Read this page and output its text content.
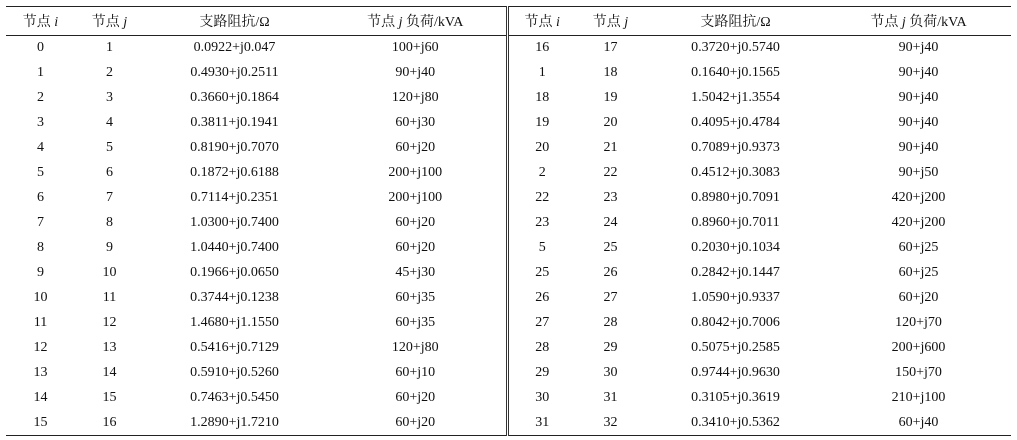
节点 i	节点 j	支路阻抗/Ω	节点 j 负荷/kVA	节点 i	节点 j	支路阻抗/Ω	节点 j 负荷/kVA
0	1	0.0922+j0.047	100+j60	16	17	0.3720+j0.5740	90+j40
1	2	0.4930+j0.2511	90+j40	1	18	0.1640+j0.1565	90+j40
2	3	0.3660+j0.1864	120+j80	18	19	1.5042+j1.3554	90+j40
3	4	0.3811+j0.1941	60+j30	19	20	0.4095+j0.4784	90+j40
4	5	0.8190+j0.7070	60+j20	20	21	0.7089+j0.9373	90+j40
5	6	0.1872+j0.6188	200+j100	2	22	0.4512+j0.3083	90+j50
6	7	0.7114+j0.2351	200+j100	22	23	0.8980+j0.7091	420+j200
7	8	1.0300+j0.7400	60+j20	23	24	0.8960+j0.7011	420+j200
8	9	1.0440+j0.7400	60+j20	5	25	0.2030+j0.1034	60+j25
9	10	0.1966+j0.0650	45+j30	25	26	0.2842+j0.1447	60+j25
10	11	0.3744+j0.1238	60+j35	26	27	1.0590+j0.9337	60+j20
11	12	1.4680+j1.1550	60+j35	27	28	0.8042+j0.7006	120+j70
12	13	0.5416+j0.7129	120+j80	28	29	0.5075+j0.2585	200+j600
13	14	0.5910+j0.5260	60+j10	29	30	0.9744+j0.9630	150+j70
14	15	0.7463+j0.5450	60+j20	30	31	0.3105+j0.3619	210+j100
15	16	1.2890+j1.7210	60+j20	31	32	0.3410+j0.5362	60+j40
